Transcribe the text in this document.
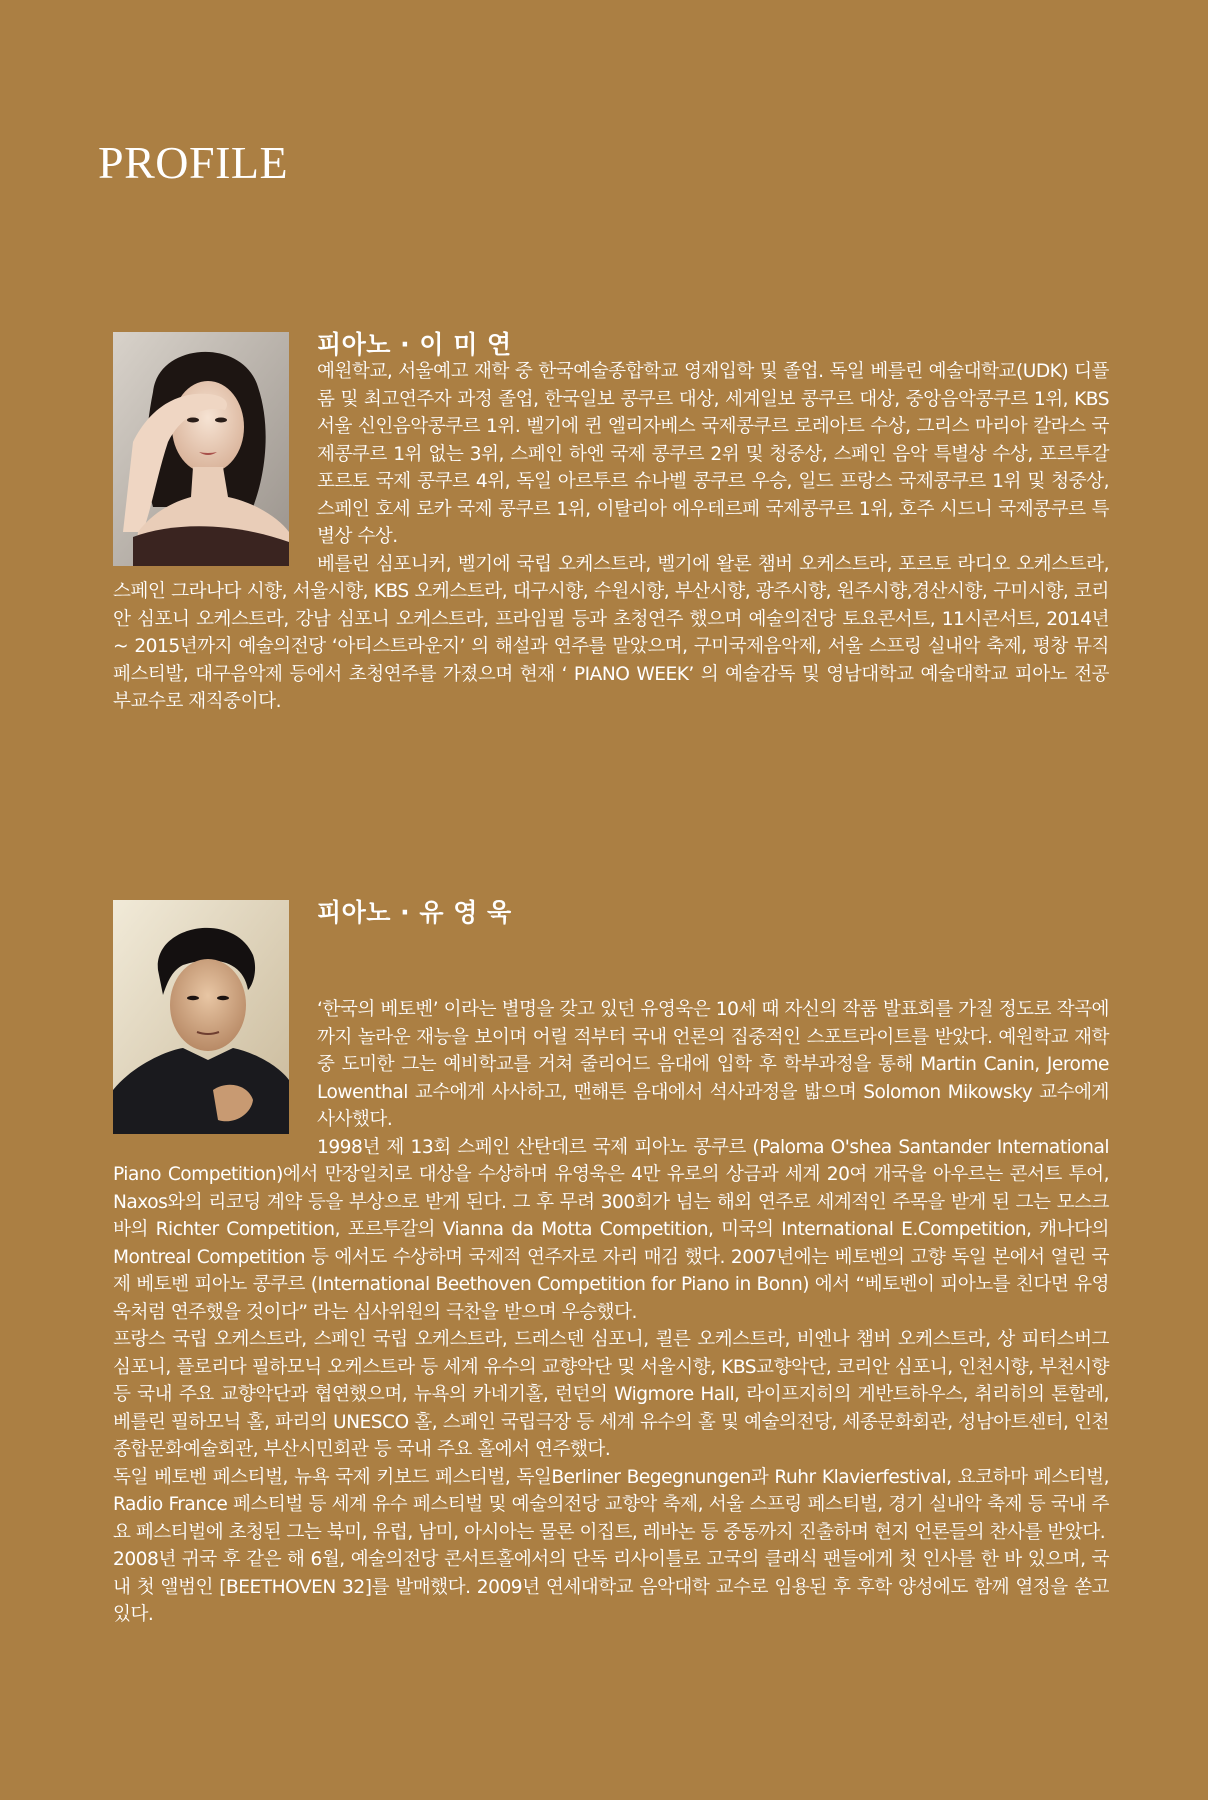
PROFILE
피아노 · 이 미 연

예원학교, 서울예고 재학 중 한국예술종합학교 영재입학 및 졸업. 독일 베를린 예술대학교(UDK) 디플롬 및 최고연주자 과정 졸업, 한국일보 콩쿠르 대상, 세계일보 콩쿠르 대상, 중앙음악콩쿠르 1위, KBS 서울 신인음악콩쿠르 1위. 벨기에 퀸 엘리자베스 국제콩쿠르 로레아트 수상, 그리스 마리아 칼라스 국제콩쿠르 1위 없는 3위, 스페인 하엔 국제 콩쿠르 2위 및 청중상, 스페인 음악 특별상 수상, 포르투갈 포르토 국제 콩쿠르 4위, 독일 아르투르 슈나벨 콩쿠르 우승, 일드 프랑스 국제콩쿠르 1위 및 청중상, 스페인 호세 로카 국제 콩쿠르 1위, 이탈리아 에우테르페 국제콩쿠르 1위, 호주 시드니 국제콩쿠르 특별상 수상.

베를린 심포니커, 벨기에 국립 오케스트라, 벨기에 왈론 챔버 오케스트라, 포르토 라디오 오케스트라, 스페인 그라나다 시향, 서울시향, KBS 오케스트라, 대구시향, 수원시향, 부산시향, 광주시향, 원주시향,경산시향, 구미시향, 코리안 심포니 오케스트라, 강남 심포니 오케스트라, 프라임필 등과 초청연주 했으며 예술의전당 토요콘서트, 11시콘서트, 2014년 ~ 2015년까지 예술의전당 ‘아티스트라운지’ 의 해설과 연주를 맡았으며, 구미국제음악제, 서울 스프링 실내악 축제, 평창 뮤직페스티발, 대구음악제 등에서 초청연주를 가졌으며 현재 ‘ PIANO WEEK’ 의 예술감독 및 영남대학교 예술대학교 피아노 전공 부교수로 재직중이다.

피아노 · 유 영 욱

‘한국의 베토벤’ 이라는 별명을 갖고 있던 유영욱은 10세 때 자신의 작품 발표회를 가질 정도로 작곡에까지 놀라운 재능을 보이며 어릴 적부터 국내 언론의 집중적인 스포트라이트를 받았다. 예원학교 재학 중 도미한 그는 예비학교를 거쳐 줄리어드 음대에 입학 후 학부과정을 통해 Martin Canin, Jerome Lowenthal 교수에게 사사하고, 맨해튼 음대에서 석사과정을 밟으며 Solomon Mikowsky 교수에게 사사했다.

1998년 제 13회 스페인 산탄데르 국제 피아노 콩쿠르 (Paloma O'shea Santander International Piano Competition)에서 만장일치로 대상을 수상하며 유영욱은 4만 유로의 상금과 세계 20여 개국을 아우르는 콘서트 투어, Naxos와의 리코딩 계약 등을 부상으로 받게 된다. 그 후 무려 300회가 넘는 해외 연주로 세계적인 주목을 받게 된 그는 모스크바의 Richter Competition, 포르투갈의 Vianna da Motta Competition, 미국의 International E.Competition, 캐나다의 Montreal Competition 등 에서도 수상하며 국제적 연주자로 자리 매김 했다. 2007년에는 베토벤의 고향 독일 본에서 열린 국제 베토벤 피아노 콩쿠르 (International Beethoven Competition for Piano in Bonn) 에서 “베토벤이 피아노를 친다면 유영욱처럼 연주했을 것이다” 라는 심사위원의 극찬을 받으며 우승했다.

프랑스 국립 오케스트라, 스페인 국립 오케스트라, 드레스덴 심포니, 쾰른 오케스트라, 비엔나 챔버 오케스트라, 상 피터스버그 심포니, 플로리다 필하모닉 오케스트라 등 세계 유수의 교향악단 및 서울시향, KBS교향악단, 코리안 심포니, 인천시향, 부천시향 등 국내 주요 교향악단과 협연했으며, 뉴욕의 카네기홀, 런던의 Wigmore Hall, 라이프지히의 게반트하우스, 취리히의 톤할레, 베를린 필하모닉 홀, 파리의 UNESCO 홀, 스페인 국립극장 등 세계 유수의 홀 및 예술의전당, 세종문화회관, 성남아트센터, 인천종합문화예술회관, 부산시민회관 등 국내 주요 홀에서 연주했다.

독일 베토벤 페스티벌, 뉴욕 국제 키보드 페스티벌, 독일Berliner Begegnungen과 Ruhr Klavierfestival, 요코하마 페스티벌, Radio France 페스티벌 등 세계 유수 페스티벌 및 예술의전당 교향악 축제, 서울 스프링 페스티벌, 경기 실내악 축제 등 국내 주요 페스티벌에 초청된 그는 북미, 유럽, 남미, 아시아는 물론 이집트, 레바논 등 중동까지 진출하며 현지 언론들의 찬사를 받았다.

2008년 귀국 후 같은 해 6월, 예술의전당 콘서트홀에서의 단독 리사이틀로 고국의 클래식 팬들에게 첫 인사를 한 바 있으며, 국내 첫 앨범인 [BEETHOVEN 32]를 발매했다. 2009년 연세대학교 음악대학 교수로 임용된 후 후학 양성에도 함께 열정을 쏟고 있다.
